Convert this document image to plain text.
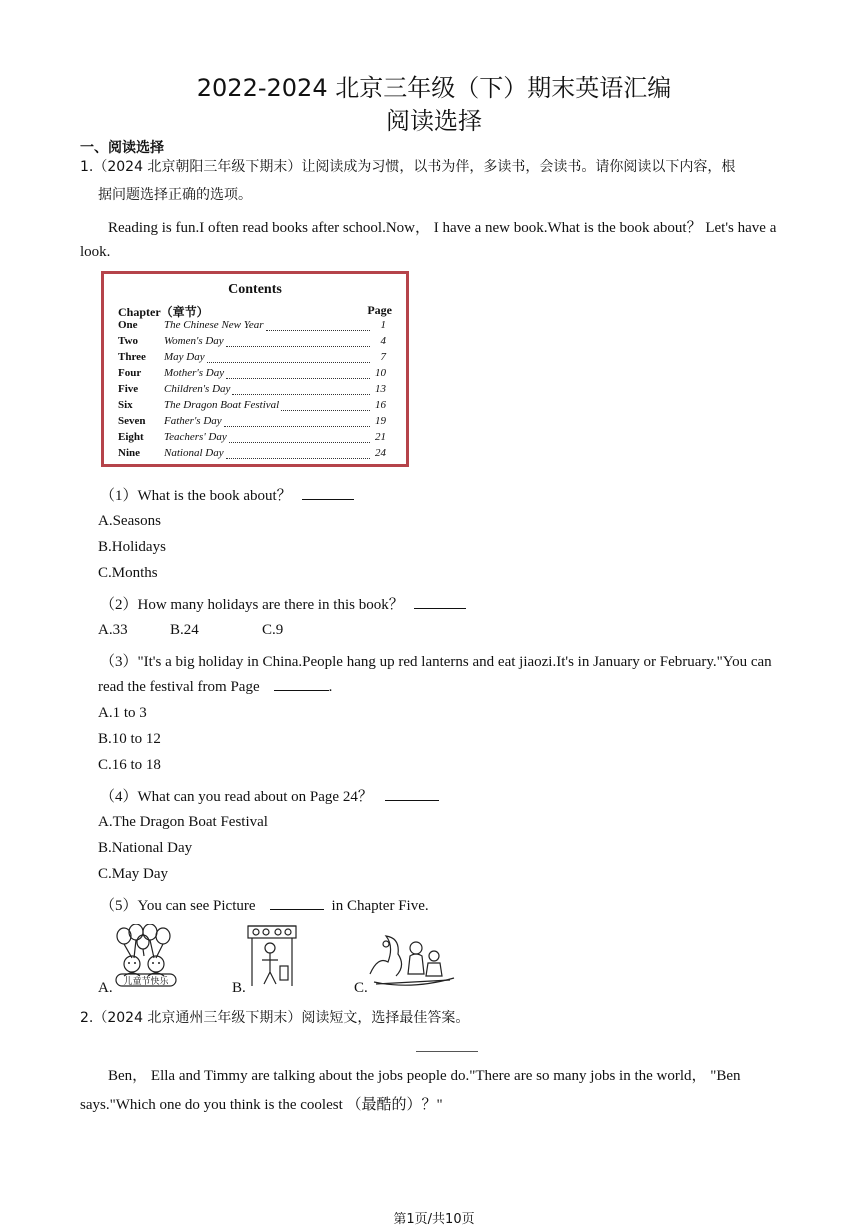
2022-2024 北京三年级（下）期末英语汇编
阅读选择
一、阅读选择
1.（2024 北京朝阳三年级下期末）让阅读成为习惯，以书为伴，多读书，会读书。请你阅读以下内容，根
据问题选择正确的选项。
Reading is fun.I often read books after school.Now， I have a new book.What is the book about？ Let's have a
look.
Contents
Chapter（章节）	Page
One The Chinese New Year	1
Two Women's Day	4
Three May Day	7
Four Mother's Day	10
Five Children's Day	13
Six	The Dragon Boat Festival	16
Seven Father's Day	19
Eight Teachers' Day	21
Nine National Day	24
（1）What is the book about？
A.Seasons
B.Holidays
C.Months
（2）How many holidays are there in this book？
A.33	B.24	C.9
（3）"It's a big holiday in China.People hang up red lanterns and eat jiaozi.It's in January or February."You can
read the festival from Page	.
A.1 to 3
B.10 to 12
C.16 to 18
（4）What can you read about on Page 24？
A.The Dragon Boat Festival
B.National Day
C.May Day
（5）You can see Picture	in Chapter Five.
A. 儿童节快乐	B.	C.
2.（2024 北京通州三年级下期末）阅读短文，选择最佳答案。
Ben， Ella and Timmy are talking about the jobs people do."There are so many jobs in the world， "Ben
says."Which one do you think is the coolest （最酷的）？"
第1页/共10页
